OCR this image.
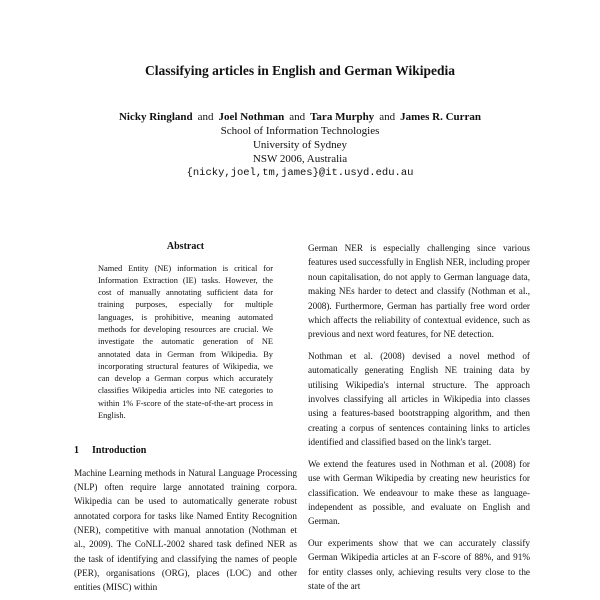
Classifying articles in English and German Wikipedia
Nicky Ringland and Joel Nothman and Tara Murphy and James R. Curran
School of Information Technologies
University of Sydney
NSW 2006, Australia
{nicky,joel,tm,james}@it.usyd.edu.au
Abstract
Named Entity (NE) information is critical for Information Extraction (IE) tasks. However, the cost of manually annotating sufficient data for training purposes, especially for multiple languages, is prohibitive, meaning automated methods for developing resources are crucial. We investigate the automatic generation of NE annotated data in German from Wikipedia. By incorporating structural features of Wikipedia, we can develop a German corpus which accurately classifies Wikipedia articles into NE categories to within 1% F-score of the state-of-the-art process in English.
1 Introduction

Machine Learning methods in Natural Language Processing (NLP) often require large annotated training corpora. Wikipedia can be used to automatically generate robust annotated corpora for tasks like Named Entity Recognition (NER), competitive with manual annotation (Nothman et al., 2009). The CoNLL-2002 shared task defined NER as the task of identifying and classifying the names of people (PER), organisations (ORG), places (LOC) and other entities (MISC) within

German NER is especially challenging since various features used successfully in English NER, including proper noun capitalisation, do not apply to German language data, making NEs harder to detect and classify (Nothman et al., 2008). Furthermore, German has partially free word order which affects the reliability of contextual evidence, such as previous and next word features, for NE detection.

Nothman et al. (2008) devised a novel method of automatically generating English NE training data by utilising Wikipedia's internal structure. The approach involves classifying all articles in Wikipedia into classes using a features-based bootstrapping algorithm, and then creating a corpus of sentences containing links to articles identified and classified based on the link's target.

We extend the features used in Nothman et al. (2008) for use with German Wikipedia by creating new heuristics for classification. We endeavour to make these as language-independent as possible, and evaluate on English and German.

Our experiments show that we can accurately classify German Wikipedia articles at an F-score of 88%, and 91% for entity classes only, achieving results very close to the state of the art
